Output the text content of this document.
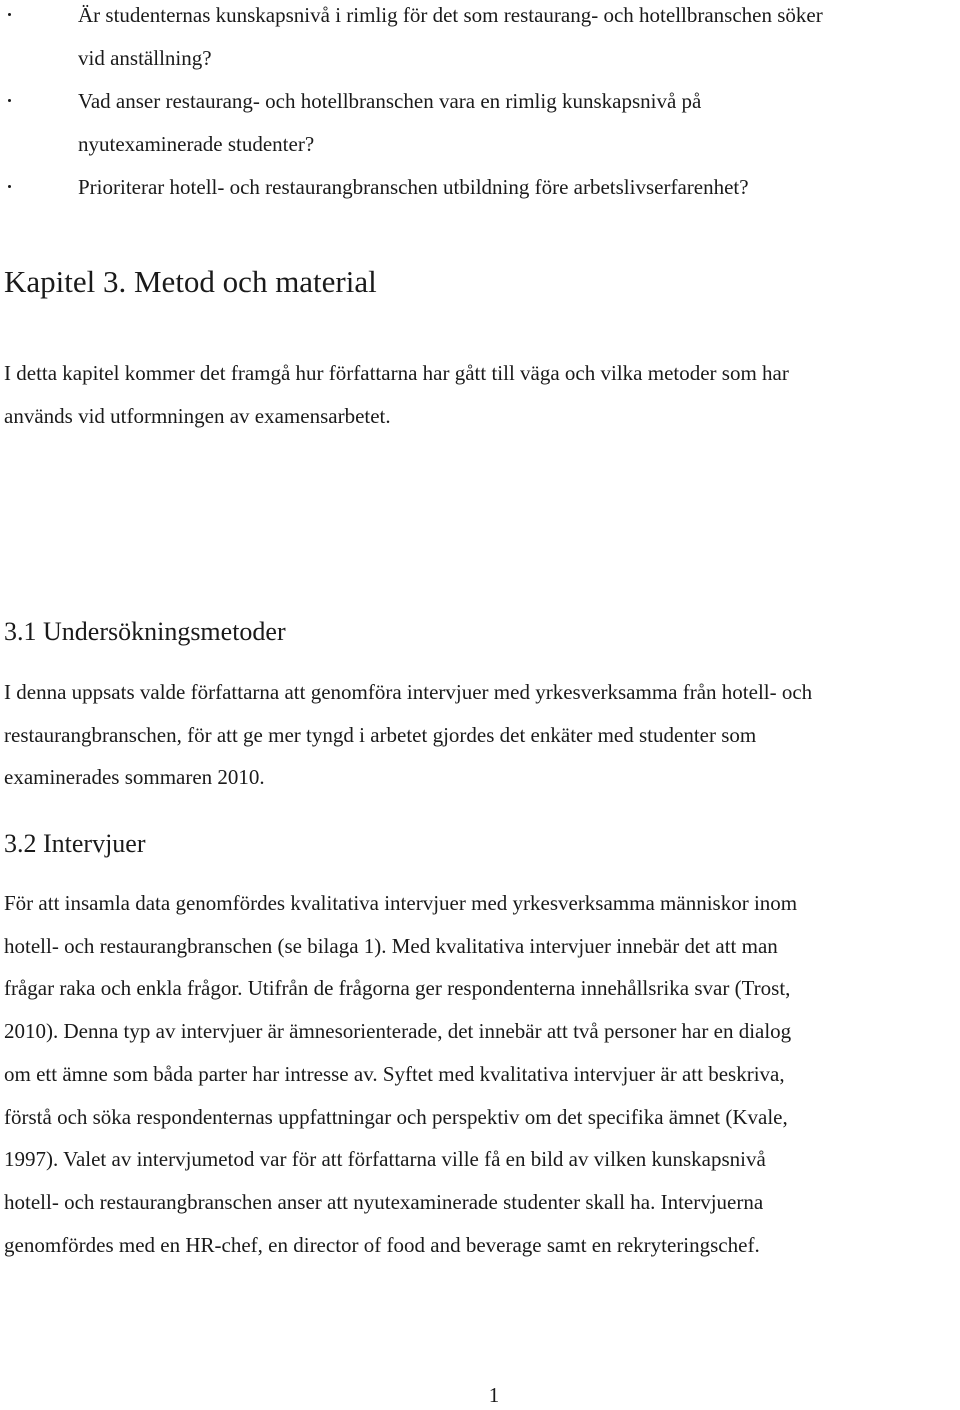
Är studenternas kunskapsnivå i rimlig för det som restaurang- och hotellbranschen söker
vid anställning?
Vad anser restaurang- och hotellbranschen vara en rimlig kunskapsnivå på
nyutexaminerade studenter?
Prioriterar hotell- och restaurangbranschen utbildning före arbetslivserfarenhet?
Kapitel 3. Metod och material

I detta kapitel kommer det framgå hur författarna har gått till väga och vilka metoder som har
används vid utformningen av examensarbetet.

3.1 Undersökningsmetoder

I denna uppsats valde författarna att genomföra intervjuer med yrkesverksamma från hotell- och
restaurangbranschen, för att ge mer tyngd i arbetet gjordes det enkäter med studenter som
examinerades sommaren 2010.

3.2 Intervjuer

För att insamla data genomfördes kvalitativa intervjuer med yrkesverksamma människor inom
hotell- och restaurangbranschen (se bilaga 1). Med kvalitativa intervjuer innebär det att man
frågar raka och enkla frågor. Utifrån de frågorna ger respondenterna innehållsrika svar (Trost,
2010). Denna typ av intervjuer är ämnesorienterade, det innebär att två personer har en dialog
om ett ämne som båda parter har intresse av. Syftet med kvalitativa intervjuer är att beskriva,
förstå och söka respondenternas uppfattningar och perspektiv om det specifika ämnet (Kvale,
1997). Valet av intervjumetod var för att författarna ville få en bild av vilken kunskapsnivå
hotell- och restaurangbranschen anser att nyutexaminerade studenter skall ha. Intervjuerna
genomfördes med en HR-chef, en director of food and beverage samt en rekryteringschef.

1
